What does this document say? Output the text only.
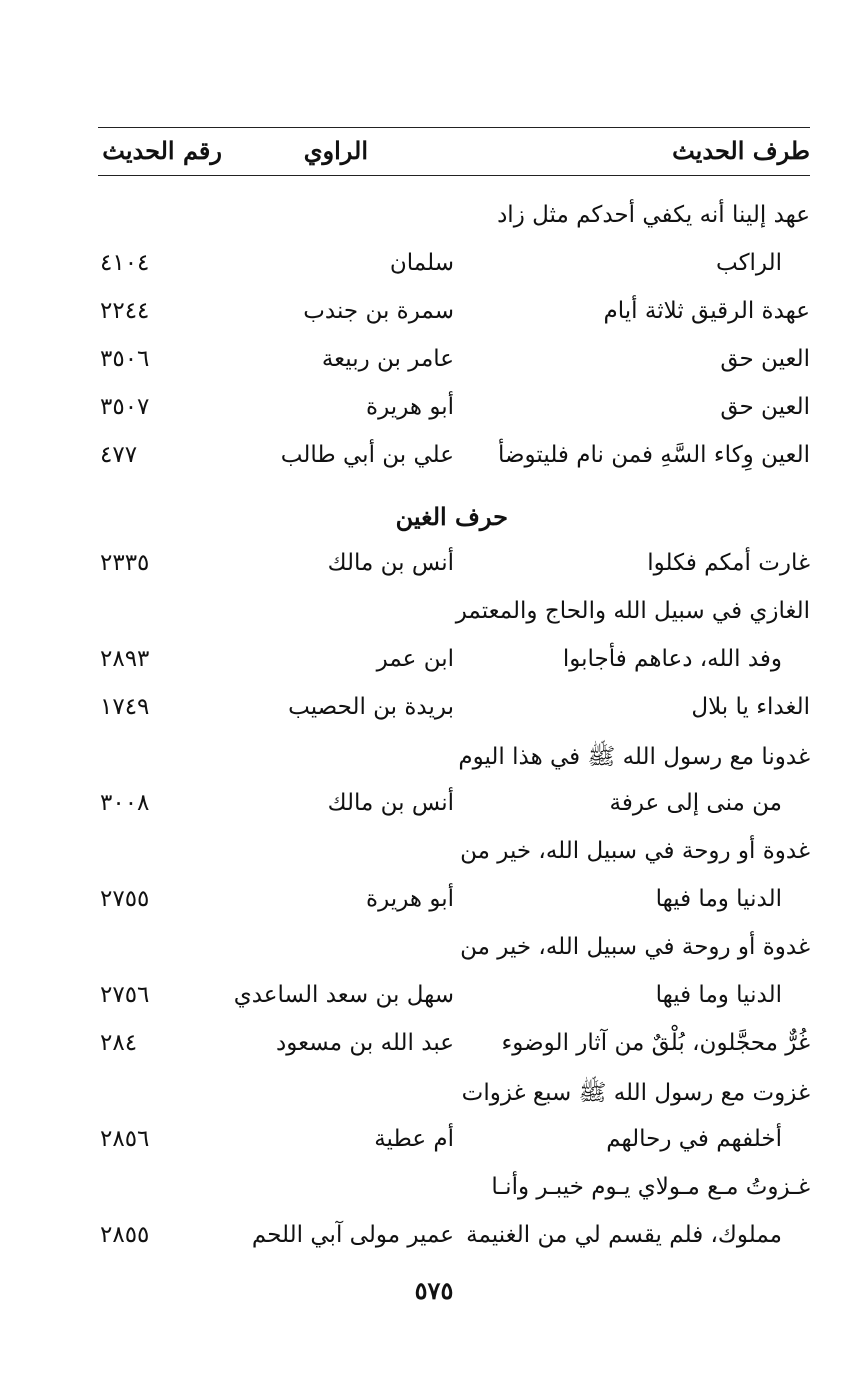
طرف الحديث
الراوي
رقم الحديث
عهد إلينا أنه يكفي أحدكم مثل زاد
الراكب
سلمان
٤١٠٤
عهدة الرقيق ثلاثة أيام
سمرة بن جندب
٢٢٤٤
العين حق
عامر بن ربيعة
٣٥٠٦
العين حق
أبو هريرة
٣٥٠٧
العين وِكاء السَّهِ فمن نام فليتوضأ
علي بن أبي طالب
٤٧٧
حرف الغين
غارت أمكم فكلوا
أنس بن مالك
٢٣٣٥
الغازي في سبيل الله والحاج والمعتمر
وفد الله، دعاهم فأجابوا
ابن عمر
٢٨٩٣
الغداء يا بلال
بريدة بن الحصيب
١٧٤٩
غدونا مع رسول الله ﷺ في هذا اليوم
من منى إلى عرفة
أنس بن مالك
٣٠٠٨
غدوة أو روحة في سبيل الله، خير من
الدنيا وما فيها
أبو هريرة
٢٧٥٥
غدوة أو روحة في سبيل الله، خير من
الدنيا وما فيها
سهل بن سعد الساعدي
٢٧٥٦
غُرٌّ محجَّلون، بُلْقٌ من آثار الوضوء
عبد الله بن مسعود
٢٨٤
غزوت مع رسول الله ﷺ سبع غزوات
أخلفهم في رحالهم
أم عطية
٢٨٥٦
غـزوتُ مـع مـولاي يـوم خيبـر وأنـا
مملوك، فلم يقسم لي من الغنيمة
عمير مولى آبي اللحم
٢٨٥٥
٥٧٥
